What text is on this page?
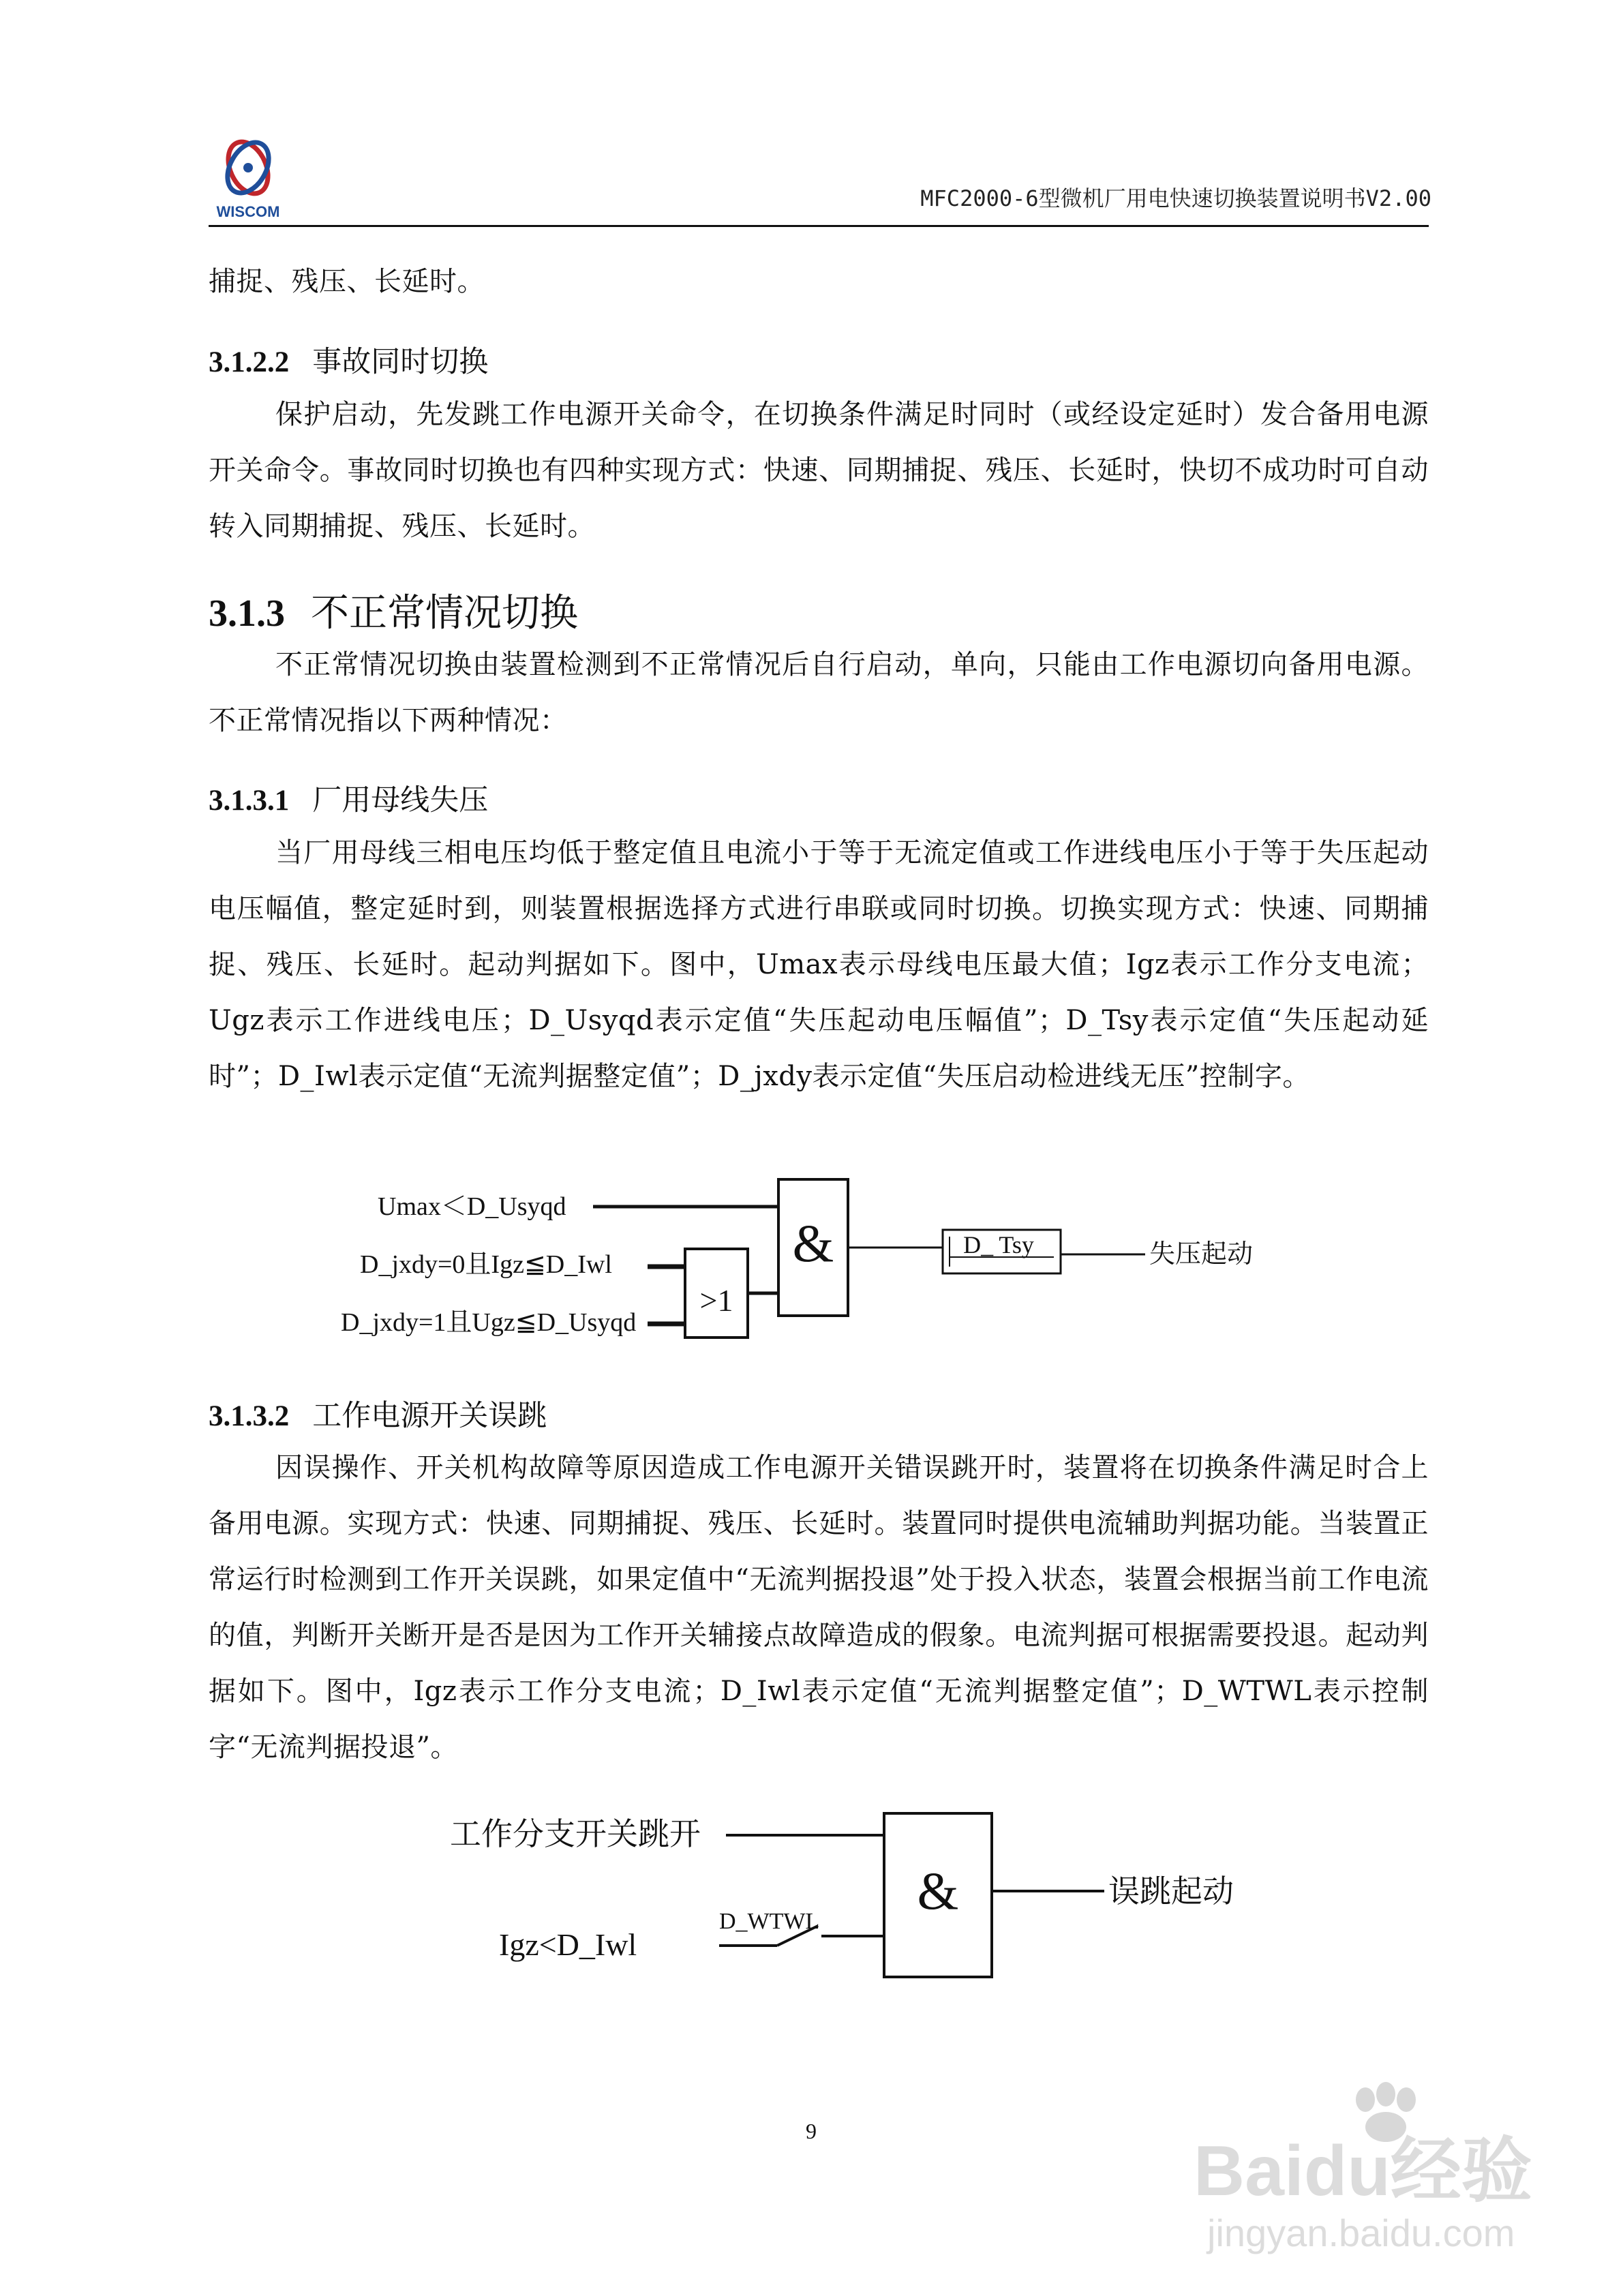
WISCOM
MFC2000-6型微机厂用电快速切换装置说明书V2.00
捕捉、残压、长延时。
3.1.2.2 事故同时切换
保护启动，先发跳工作电源开关命令，在切换条件满足时同时（或经设定延时）发合备用电源开关命令。事故同时切换也有四种实现方式：快速、同期捕捉、残压、长延时，快切不成功时可自动转入同期捕捉、残压、长延时。
3.1.3 不正常情况切换
不正常情况切换由装置检测到不正常情况后自行启动，单向，只能由工作电源切向备用电源。不正常情况指以下两种情况：
3.1.3.1 厂用母线失压
当厂用母线三相电压均低于整定值且电流小于等于无流定值或工作进线电压小于等于失压起动电压幅值，整定延时到，则装置根据选择方式进行串联或同时切换。切换实现方式：快速、同期捕捉、残压、长延时。起动判据如下。图中，Umax表示母线电压最大值；Igz表示工作分支电流；Ugz表示工作进线电压；D_Usyqd表示定值“失压起动电压幅值”；D_Tsy表示定值“失压起动延时”；D_Iwl表示定值“无流判据整定值”；D_jxdy表示定值“失压启动检进线无压”控制字。
Umax＜D_Usyqd
D_jxdy=0且Igz≦D_Iwl
D_jxdy=1且Ugz≦D_Usyqd
>1
&	D_ Tsy	失压起动
3.1.3.2 工作电源开关误跳
因误操作、开关机构故障等原因造成工作电源开关错误跳开时，装置将在切换条件满足时合上备用电源。实现方式：快速、同期捕捉、残压、长延时。装置同时提供电流辅助判据功能。当装置正常运行时检测到工作开关误跳，如果定值中“无流判据投退”处于投入状态，装置会根据当前工作电流的值，判断开关断开是否是因为工作开关辅接点故障造成的假象。电流判据可根据需要投退。起动判据如下。图中，Igz表示工作分支电流；D_Iwl表示定值“无流判据整定值”；D_WTWL表示控制字“无流判据投退”。
工作分支开关跳开
D_WTWL
Igz<D_Iwl
&	误跳起动
9
Baidu经验
jingyan.baidu.com
